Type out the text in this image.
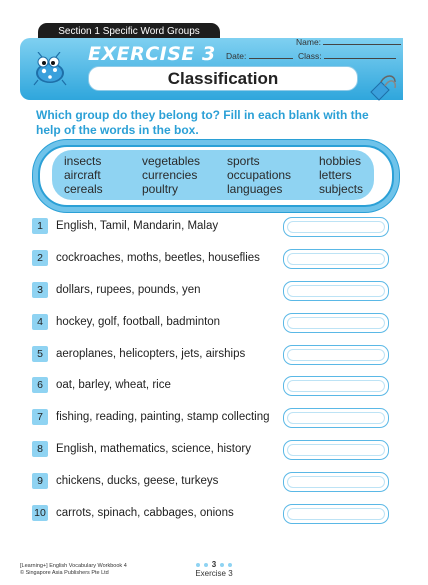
Section 1 Specific Word Groups
EXERCISE 3
Name:
Date:	Class:
Classification
Which group do they belong to? Fill in each blank with the help of the words in the box.
insects
aircraft
cereals
vegetables
currencies
poultry
sports
occupations
languages
hobbies
letters
subjects
1	English, Tamil, Mandarin, Malay
2	cockroaches, moths, beetles, houseflies
3	dollars, rupees, pounds, yen
4	hockey, golf, football, badminton
5	aeroplanes, helicopters, jets, airships
6	oat, barley, wheat, rice
7	fishing, reading, painting, stamp collecting
8	English, mathematics, science, history
9	chickens, ducks, geese, turkeys
10 carrots, spinach, cabbages, onions
[Learning+] English Vocabulary Workbook 4
© Singapore Asia Publishers Pte Ltd
3
Exercise 3
